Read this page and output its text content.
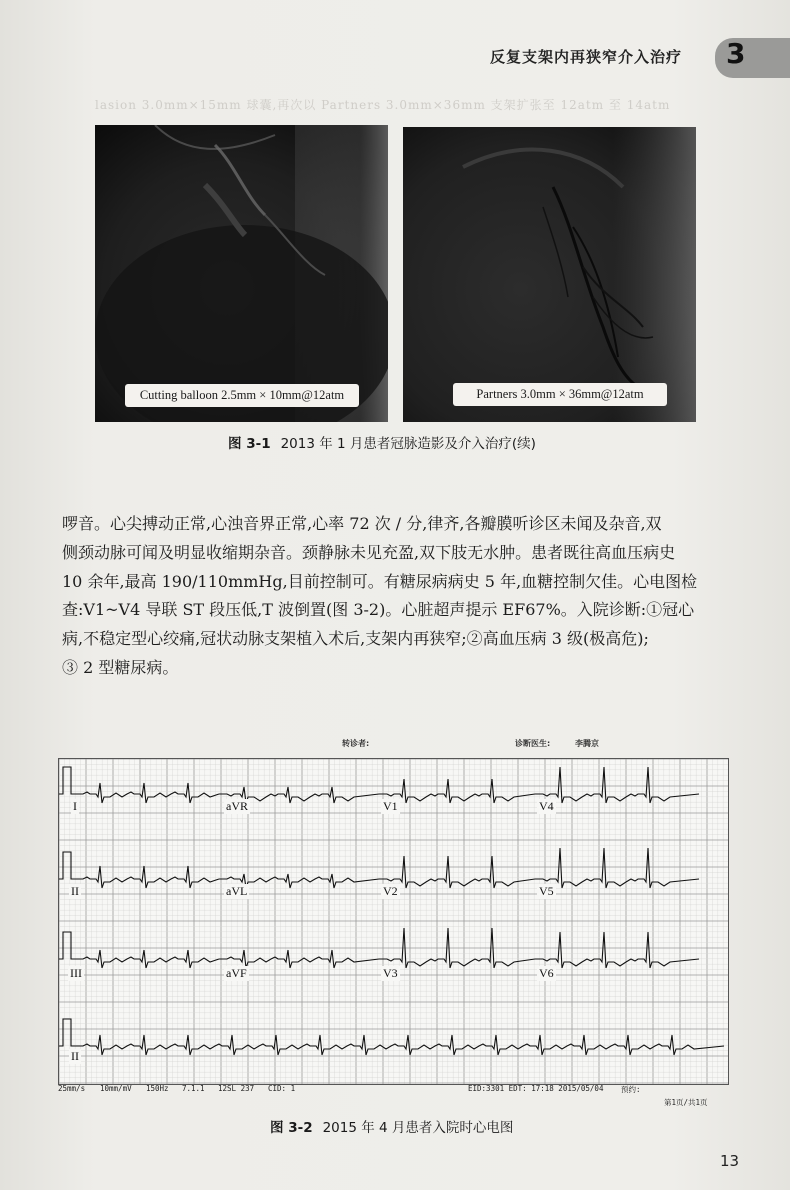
反复支架内再狭窄介入治疗 3
lasion 3.0mm×15mm 球囊,再次以 Partners 3.0mm×36mm 支架扩张至 12atm 至 14atm
Cutting balloon 2.5mm × 10mm@12atm	Partners 3.0mm × 36mm@12atm
图 3-1 2013 年 1 月患者冠脉造影及介入治疗(续)

啰音。心尖搏动正常,心浊音界正常,心率 72 次 / 分,律齐,各瓣膜听诊区未闻及杂音,双

侧颈动脉可闻及明显收缩期杂音。颈静脉未见充盈,双下肢无水肿。患者既往高血压病史

10 余年,最高 190/110mmHg,目前控制可。有糖尿病病史 5 年,血糖控制欠佳。心电图检

查:V1~V4 导联 ST 段压低,T 波倒置(图 3-2)。心脏超声提示 EF67%。入院诊断:①冠心

病,不稳定型心绞痛,冠状动脉支架植入术后,支架内再狭窄;②高血压病 3 级(极高危);

③ 2 型糖尿病。

转诊者:	诊断医生:	李腾京
I	aVR	V1	V4
II	aVL	V2	V5
III	aVF	V3	V6
II
25mm/s 10mm/mV 150Hz 7.1.1 12SL 237 CID: 1	EID:3301 EDT: 17:18 2015/05/04 预约:
第1页/共1页
图 3-2 2015 年 4 月患者入院时心电图
13
